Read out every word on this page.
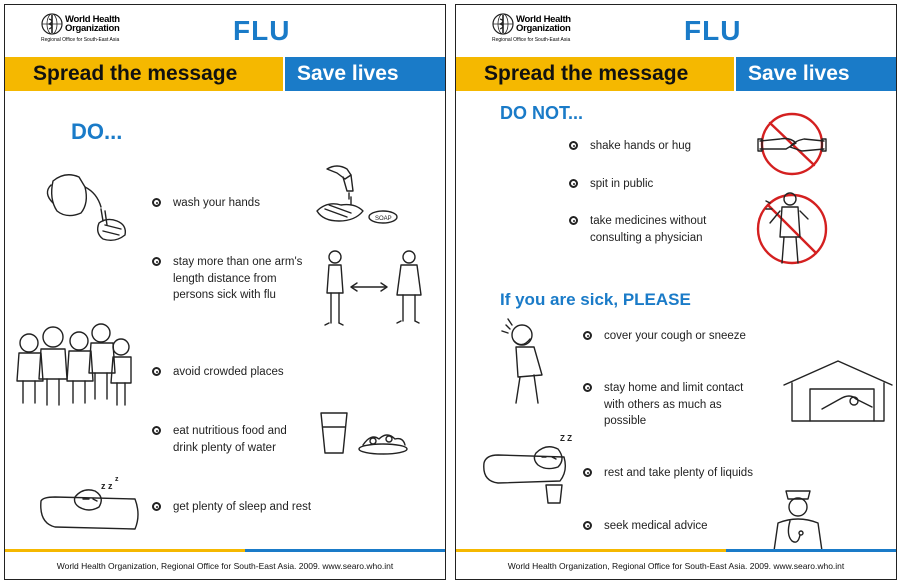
World Health
Organization
Regional Office for South-East Asia	FLU
Spread the message	Save lives
DO...
wash your hands
stay more than one arm's length distance from persons sick with flu
avoid crowded places
eat nutritious food and drink plenty of water
get plenty of sleep and rest
SOAP
z z
z
World Health Organization, Regional Office for South-East Asia. 2009. www.searo.who.int
World Health
Organization
Regional Office for South-East Asia	FLU
Spread the message	Save lives
DO NOT...
shake hands or hug
spit in public
take medicines without consulting a physician
If you are sick, PLEASE
cover your cough or sneeze
stay home and limit contact with others as much as possible
rest and take plenty of liquids
seek medical advice
Z Z
World Health Organization, Regional Office for South-East Asia. 2009. www.searo.who.int
